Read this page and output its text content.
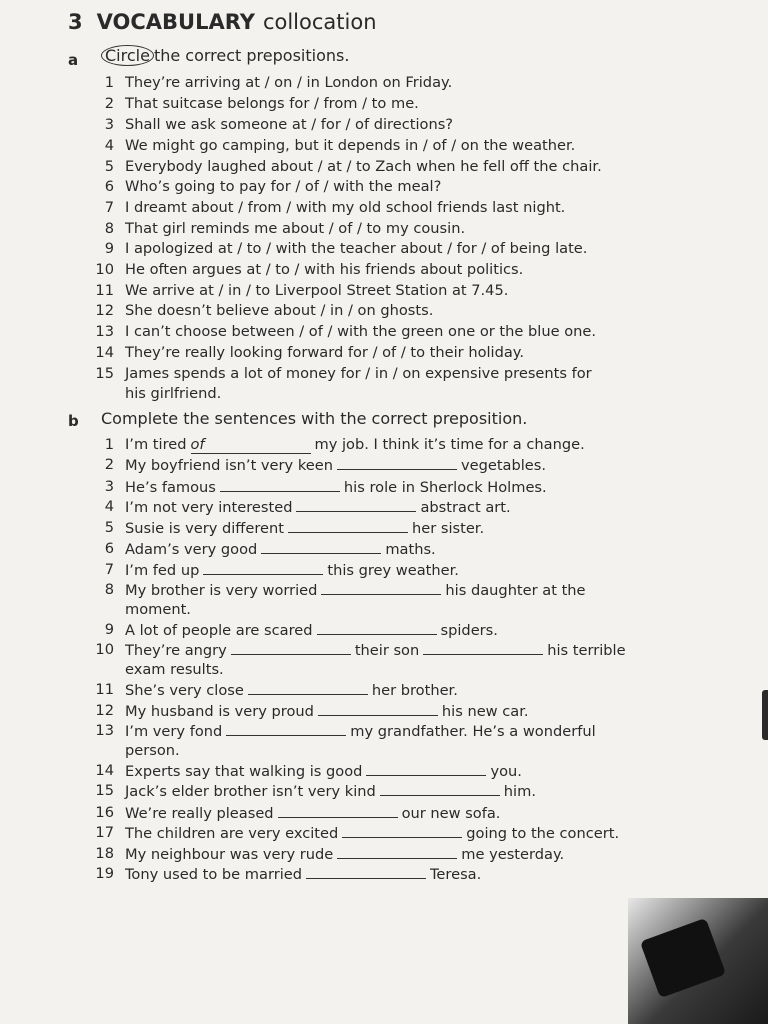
3 VOCABULARY collocation
a Circle the correct prepositions.
1 They’re arriving at / on / in London on Friday.
2 That suitcase belongs for / from / to me.
3 Shall we ask someone at / for / of directions?
4 We might go camping, but it depends in / of / on the weather.
5 Everybody laughed about / at / to Zach when he fell off the chair.
6 Who’s going to pay for / of / with the meal?
7 I dreamt about / from / with my old school friends last night.
8 That girl reminds me about / of / to my cousin.
9 I apologized at / to / with the teacher about / for / of being late.
10 He often argues at / to / with his friends about politics.
11 We arrive at / in / to Liverpool Street Station at 7.45.
12 She doesn’t believe about / in / on ghosts.
13 I can’t choose between / of / with the green one or the blue one.
14 They’re really looking forward for / of / to their holiday.
15 James spends a lot of money for / in / on expensive presents for
his girlfriend.
b Complete the sentences with the correct preposition.
1 I’m tired of	my job. I think it’s time for a change.
2 My boyfriend isn’t very keen	vegetables.
3 He’s famous	his role in Sherlock Holmes.
4 I’m not very interested	abstract art.
5 Susie is very different	her sister.
6 Adam’s very good	maths.
7 I’m fed up	this grey weather.
8 My brother is very worried	his daughter at the
moment.
9 A lot of people are scared	spiders.
10 They’re angry	their son	his terrible
exam results.
11 She’s very close	her brother.
12 My husband is very proud	his new car.
13 I’m very fond	my grandfather. He’s a wonderful
person.
14 Experts say that walking is good	you.
15 Jack’s elder brother isn’t very kind	him.
16 We’re really pleased	our new sofa.
17 The children are very excited	going to the concert.
18 My neighbour was very rude	me yesterday.
19 Tony used to be married	Teresa.
